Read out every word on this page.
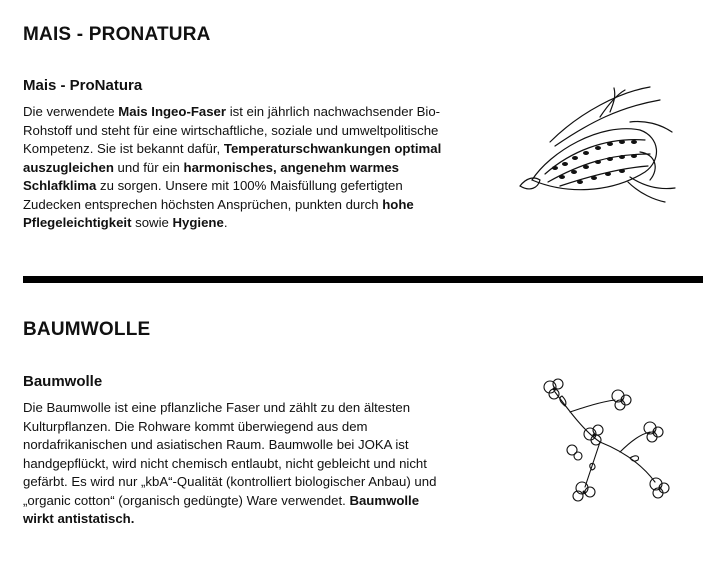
MAIS - PRONATURA
Mais - ProNatura
Die verwendete Mais Ingeo-Faser ist ein jährlich nachwachsender Bio-
Rohstoff und steht für eine wirtschaftliche, soziale und umweltpolitische
Kompetenz. Sie ist bekannt dafür, Temperaturschwankungen optimal
auszugleichen und für ein harmonisches, angenehm warmes
Schlafklima zu sorgen. Unsere mit 100% Maisfüllung gefertigten
Zudecken entsprechen höchsten Ansprüchen, punkten durch hohe
Pflegeleichtigkeit sowie Hygiene.
BAUMWOLLE
Baumwolle
Die Baumwolle ist eine pflanzliche Faser und zählt zu den ältesten
Kulturpflanzen. Die Rohware kommt überwiegend aus dem
nordafrikanischen und asiatischen Raum. Baumwolle bei JOKA ist
handgepflückt, wird nicht chemisch entlaubt, nicht gebleicht und nicht
gefärbt. Es wird nur „kbA“-Qualität (kontrolliert biologischer Anbau) und
„organic cotton“ (organisch gedüngte) Ware verwendet. Baumwolle
wirkt antistatisch.
